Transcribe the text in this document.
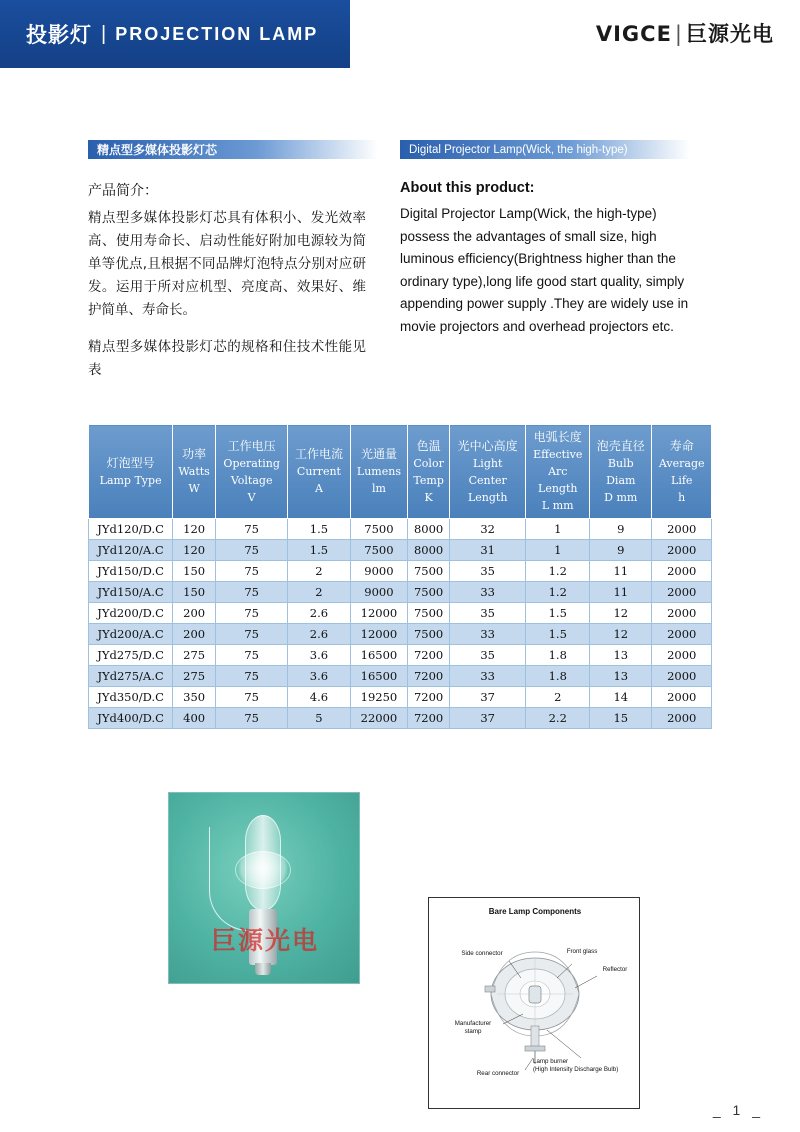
投影灯 | PROJECTION LAMP	VIGCE | 巨源光电
精点型多媒体投影灯芯	Digital Projector Lamp(Wick, the high-type)
产品简介：
精点型多媒体投影灯芯具有体积小、发光效率高、使用寿命长、启动性能好附加电源较为简单等优点,且根据不同品牌灯泡特点分别对应研发。运用于所对应机型、亮度高、效果好、维护简单、寿命长。
精点型多媒体投影灯芯的规格和住技术性能见表
About this product:
Digital Projector Lamp(Wick, the high-type) possess the advantages of small size, high luminous efficiency(Brightness higher than the ordinary type),long life good start quality, simply appending power supply .They are widely use in movie projectors and overhead projectors etc.
灯泡型号
Lamp Type	功率
Watts
W	工作电压
Operating
Voltage
V	工作电流
Current
A	光通量
Lumens
lm	色温
Color
Temp
K	光中心高度
Light
Center
Length	电弧长度
Effective
Arc
Length
L mm	泡壳直径
Bulb
Diam
D mm	寿命
Average
Life
h

JYd120/D.C	120	75	1.5	7500	8000	32	1	9	2000
JYd120/A.C	120	75	1.5	7500	8000	31	1	9	2000
JYd150/D.C	150	75	2	9000	7500	35	1.2	11	2000
JYd150/A.C	150	75	2	9000	7500	33	1.2	11	2000
JYd200/D.C	200	75	2.6	12000	7500	35	1.5	12	2000
JYd200/A.C	200	75	2.6	12000	7500	33	1.5	12	2000
JYd275/D.C	275	75	3.6	16500	7200	35	1.8	13	2000
JYd275/A.C	275	75	3.6	16500	7200	33	1.8	13	2000
JYd350/D.C	350	75	4.6	19250	7200	37	2	14	2000
JYd400/D.C	400	75	5	22000	7200	37	2.2	15	2000
巨源光电
Bare Lamp Components
Side connector	Front glass
Reflector
Manufacturer
stamp
Rear connector
Lamp burner
(High Intensity Discharge Bulb)
_ 1 _
